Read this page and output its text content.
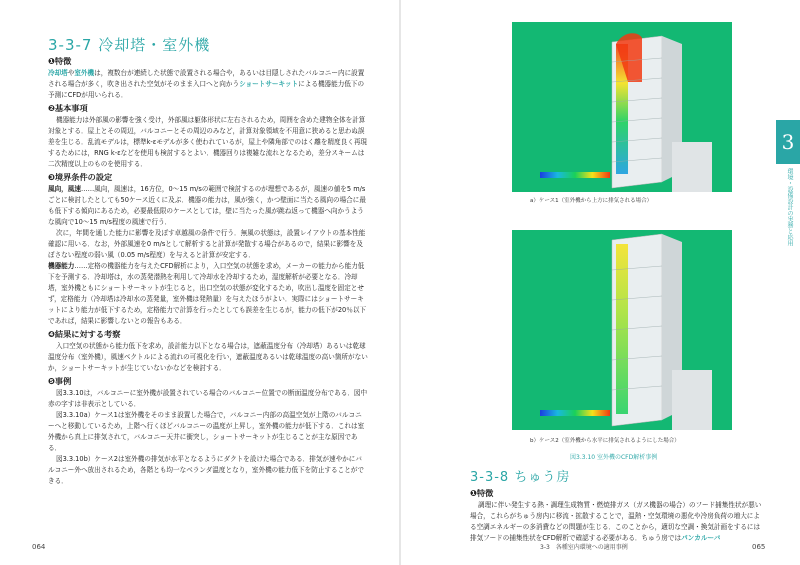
3-3-7 冷却塔・室外機
❶特徴

冷却塔や室外機は，複数台が連続した状態で設置される場合や，あるいは目隠しされたバルコニー内に設置される場合が多く，吹き出された空気がそのまま入口へと向かうショートサーキットによる機器能力低下の予測にCFDが用いられる．

❷基本事項

機器能力は外部風の影響を強く受け，外部風は躯体形状に左右されるため，周囲を含めた建物全体を計算対象とする．屋上とその周辺，バルコニーとその周辺のみなど，計算対象領域を不用意に狭めると思わぬ誤差を生じる．乱流モデルは，標準k-εモデルが多く使われているが，屋上や隣角部でのはく離を精度良く再現するためには，RNG k-εなどを使用も検討するとよい．機器回りは複雑な流れとなるため，差分スキームは二次精度以上のものを使用する．

❸境界条件の設定

風向，風速……風向，風速は，16方位，0〜15 m/sの範囲で検討するのが理想であるが，風速の値を5 m/sごとに検討したとしても50ケース近くに及ぶ．機器の能力は，風が強く，かつ壁面に当たる風向の場合に最も低下する傾向にあるため，必要最低限のケースとしては，壁に当たった風が跳ね返って機器へ向かうような風向で10〜15 m/s程度の風速で行う．

次に，年間を通した能力に影響を及ぼす卓越風の条件で行う．無風の状態は，設置レイアウトの基本性能確認に用いる．なお，外部風速を0 m/sとして解析すると計算が発散する場合があるので，結果に影響を及ぼさない程度の弱い風（0.05 m/s程度）を与えると計算が安定する．

機器能力……定格の機器能力を与えたCFD解析により，入口空気の状態を求め，メーカーの能力から能力低下を予測する．冷却塔は，水の蒸発潜熱を利用して冷却水を冷却するため，湿度解析が必要となる．冷却塔，室外機ともにショートサーキットが生じると，出口空気の状態が変化するため，吹出し温度を固定とせず，定格能力（冷却塔は冷却水の蒸発量，室外機は発熱量）を与えたほうがよい．実際にはショートサーキットにより能力が低下するため，定格能力で計算を行ったとしても誤差を生じるが，能力の低下が20％以下であれば，結果に影響しないとの報告もある．

❹結果に対する考察

入口空気の状態から能力低下を求め，設計能力以下となる場合は，遮蔽温度分布（冷却塔）あるいは乾球温度分布（室外機），風速ベクトルによる流れの可視化を行い，遮蔽温度あるいは乾球温度の高い箇所がないか，ショートサーキットが生じていないかなどを検討する．

❺事例

図3.3.10は，バルコニーに室外機が設置されている場合のバルコニー位置での断面温度分布である．図中赤の字すは非表示としている．

図3.3.10a）ケース1は室外機をそのまま設置した場合で，バルコニー内部の高温空気が上階のバルコニーへと移動しているため，上階へ行くほどバルコニーの温度が上昇し，室外機の能力が低下する．これは室外機から真上に排気されて，バルコニー天井に衝突し，ショートサーキットが生じることが主な原因である．

図3.3.10b）ケース2は室外機の排気が水平となるようにダクトを設けた場合である．排気が速やかにバルコニー外へ放出されるため，各階とも均一なベランダ温度となり，室外機の能力低下を防止することができる．

064
a）ケース1（室外機から上方に排気される場合）
b）ケース2（室外機から水平に排気されるようにした場合）
図3.3.10 室外機のCFD解析事例
3-3-8 ちゅう房
❶特徴

調理に伴い発生する熱・調理生成物質・燃焼排ガス（ガス機器の場合）のフード捕集性状が悪い場合，これらがちゅう房内に移流・拡散することで，温熱・空気環境の悪化や冷房負荷の増大による空調エネルギーの多消費などの問題が生じる．このことから，適切な空調・換気計画をするには排気フードの捕集性状をCFD解析で確認する必要がある．ちゅう房ではパンカルーバ

065
3
環境・設備設計の実務と応用
3-3　各種室内環境への適用事例
